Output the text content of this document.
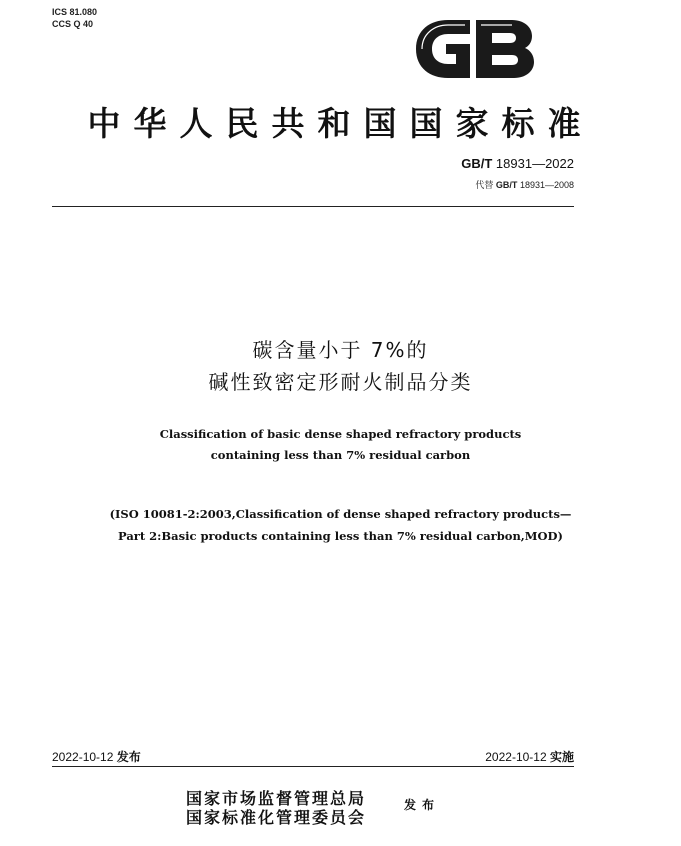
ICS 81.080
CCS Q 40
中华人民共和国国家标准
GB/T 18931—2022
代替 GB/T 18931—2008
碳含量小于 7%的
碱性致密定形耐火制品分类
Classification of basic dense shaped refractory products
containing less than 7% residual carbon
(ISO 10081-2:2003,Classification of dense shaped refractory products—
Part 2:Basic products containing less than 7% residual carbon,MOD)
2022-10-12 发布	2022-10-12 实施
国家市场监督管理总局
国家标准化管理委员会
发布
